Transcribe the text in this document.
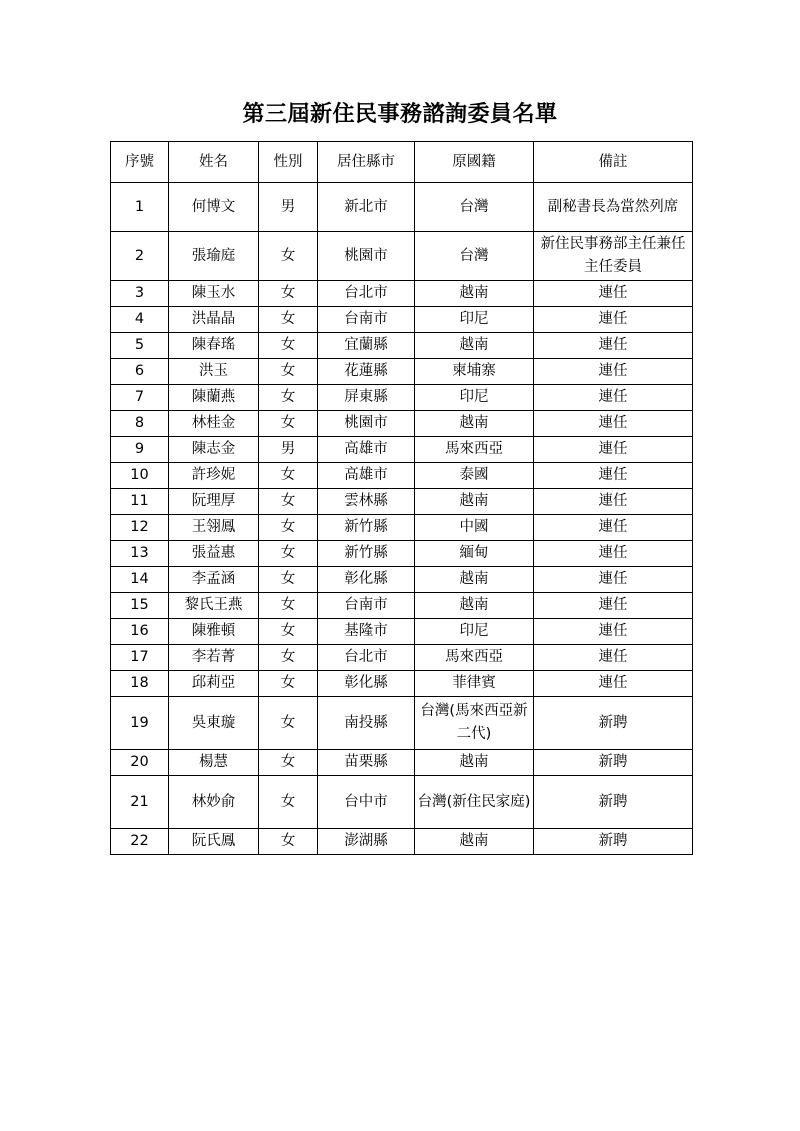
第三屆新住民事務諮詢委員名單
序號	姓名	性別	居住縣市	原國籍	備註
1	何博文	男	新北市	台灣	副秘書長為當然列席
2	張瑜庭	女	桃園市	台灣	新住民事務部主任兼任主任委員
3	陳玉水	女	台北市	越南	連任
4	洪晶晶	女	台南市	印尼	連任
5	陳春瑤	女	宜蘭縣	越南	連任
6	洪玉	女	花蓮縣	柬埔寨	連任
7	陳蘭燕	女	屏東縣	印尼	連任
8	林桂金	女	桃園市	越南	連任
9	陳志金	男	高雄市	馬來西亞	連任
10	許珍妮	女	高雄市	泰國	連任
11	阮理厚	女	雲林縣	越南	連任
12	王翎鳳	女	新竹縣	中國	連任
13	張益惠	女	新竹縣	緬甸	連任
14	李孟涵	女	彰化縣	越南	連任
15	黎氏王燕	女	台南市	越南	連任
16	陳雅頓	女	基隆市	印尼	連任
17	李若菁	女	台北市	馬來西亞	連任
18	邱莉亞	女	彰化縣	菲律賓	連任
19	吳東璇	女	南投縣	台灣(馬來西亞新二代)	新聘
20	楊慧	女	苗栗縣	越南	新聘
21	林妙俞	女	台中市	台灣(新住民家庭)	新聘
22	阮氏鳳	女	澎湖縣	越南	新聘
